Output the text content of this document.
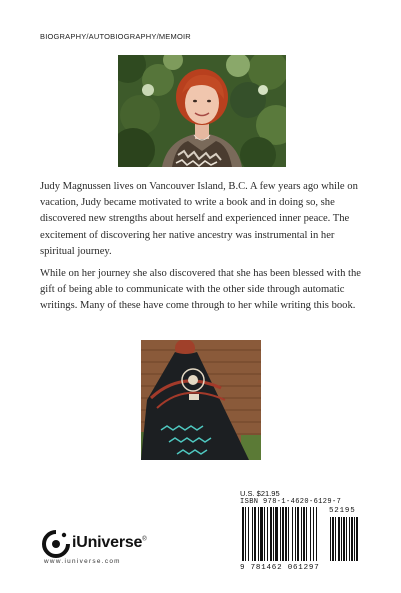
BIOGRAPHY/AUTOBIOGRAPHY/MEMOIR

Judy Magnussen lives on Vancouver Island, B.C. A few years ago while on vacation, Judy became motivated to write a book and in doing so, she discovered new strengths about herself and experienced inner peace. The excitement of discovering her native ancestry was instrumental in her spiritual journey.

While on her journey she also discovered that she has been blessed with the gift of being able to communicate with the other side through automatic writings. Many of these have come through to her while writing this book.

iUniverse®
www.iuniverse.com
U.S. $21.95
ISBN 978-1-4620-6129-7
52195
9 781462 061297
